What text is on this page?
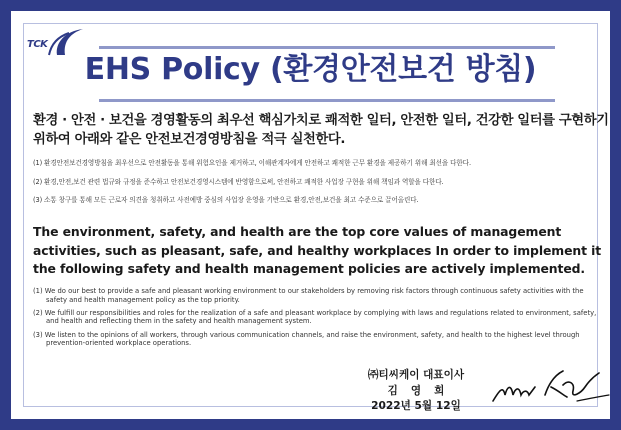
TCK
EHS Policy (환경안전보건 방침)
환경 · 안전 · 보건을 경영활동의 최우선 핵심가치로 쾌적한 일터, 안전한 일터, 건강한 일터를 구현하기 위하여 아래와 같은 안전보건경영방침을 적극 실천한다.
(1) 환경안전보건경영방침을 최우선으로 안전활동을 통해 위험요인을 제거하고, 이해관계자에게 안전하고 쾌적한 근무 환경을 제공하기 위해 최선을 다한다.
(2) 환경,안전,보건 관련 법규와 규정을 준수하고 안전보건경영시스템에 반영함으로써, 안전하고 쾌적한 사업장 구현을 위해 책임과 역할을 다한다.
(3) 소통 창구를 통해 모든 근로자 의견을 청취하고 사전예방 중심의 사업장 운영을 기반으로 환경,안전,보건을 최고 수준으로 끌어올린다.
The environment, safety, and health are the top core values of management activities, such as pleasant, safe, and healthy workplaces In order to implement it the following safety and health management policies are actively implemented.
(1) We do our best to provide a safe and pleasant working environment to our stakeholders by removing risk factors through continuous safety activities with the safety and health management policy as the top priority.
(2) We fulfill our responsibilities and roles for the realization of a safe and pleasant workplace by complying with laws and regulations related to environment, safety, and health and reflecting them in the safety and health management system.
(3) We listen to the opinions of all workers, through various communication channels, and raise the environment, safety, and health to the highest level through prevention-oriented workplace operations.
㈜티씨케이 대표이사
김영희
2022년 5월 12일
